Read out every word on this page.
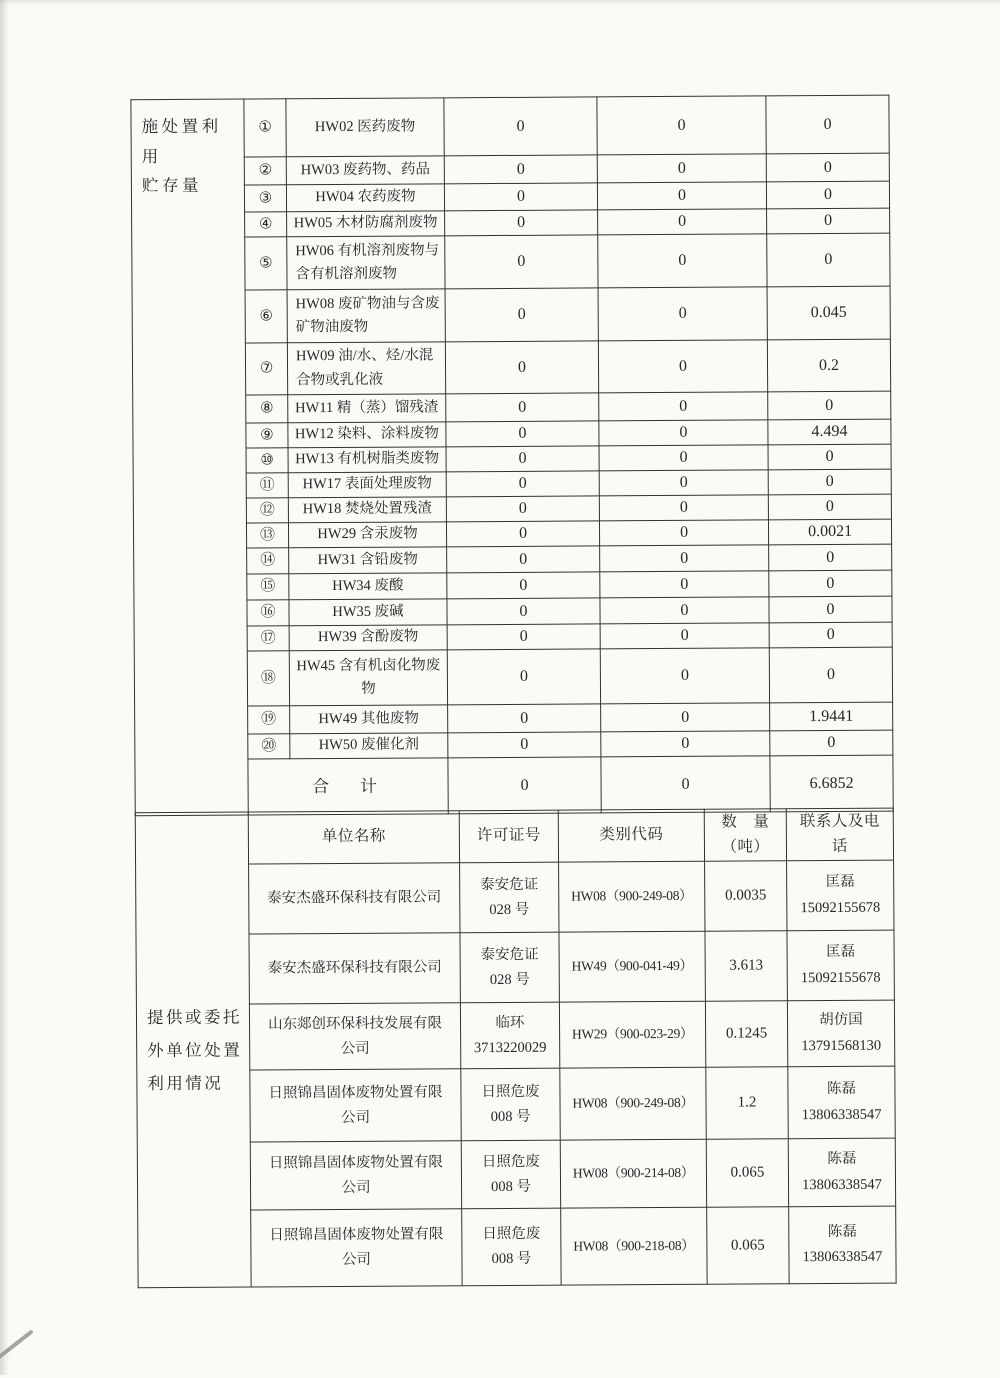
施处置利用
贮存量	①	HW02 医药废物	0	0	0
	②	HW03 废药物、药品	0	0	0
	③	HW04 农药废物	0	0	0
	④	HW05 木材防腐剂废物	0	0	0
	⑤	HW06 有机溶剂废物与
含有机溶剂废物	0	0	0
	⑥	HW08 废矿物油与含废
矿物油废物	0	0	0.045
	⑦	HW09 油/水、烃/水混
合物或乳化液	0	0	0.2
	⑧	HW11 精（蒸）馏残渣	0	0	0
	⑨	HW12 染料、涂料废物	0	0	4.494
	⑩	HW13 有机树脂类废物	0	0	0
	⑪	HW17 表面处理废物	0	0	0
	⑫	HW18 焚烧处置残渣	0	0	0
	⑬	HW29 含汞废物	0	0	0.0021
	⑭	HW31 含铅废物	0	0	0
	⑮	HW34 废酸	0	0	0
	⑯	HW35 废碱	0	0	0
	⑰	HW39 含酚废物	0	0	0
	⑱	HW45 含有机卤化物废
物	0	0	0
	⑲	HW49 其他废物	0	0	1.9441
	⑳	HW50 废催化剂	0	0	0
	合　计		0	0	6.6852
提供或委托
外单位处置
利用情况	单位名称	许可证号	类别代码	数　量
（吨）	联系人及电
话
	泰安杰盛环保科技有限公司	泰安危证
028 号	HW08（900-249-08）	0.0035	匡磊
15092155678
	泰安杰盛环保科技有限公司	泰安危证
028 号	HW49（900-041-49）	3.613	匡磊
15092155678
	山东郯创环保科技发展有限
公司	临环
3713220029	HW29（900-023-29）	0.1245	胡仿国
13791568130
	日照锦昌固体废物处置有限
公司	日照危废
008 号	HW08（900-249-08）	1.2	陈磊
13806338547
	日照锦昌固体废物处置有限
公司	日照危废
008 号	HW08（900-214-08）	0.065	陈磊
13806338547
	日照锦昌固体废物处置有限
公司	日照危废
008 号	HW08（900-218-08）	0.065	陈磊
13806338547
